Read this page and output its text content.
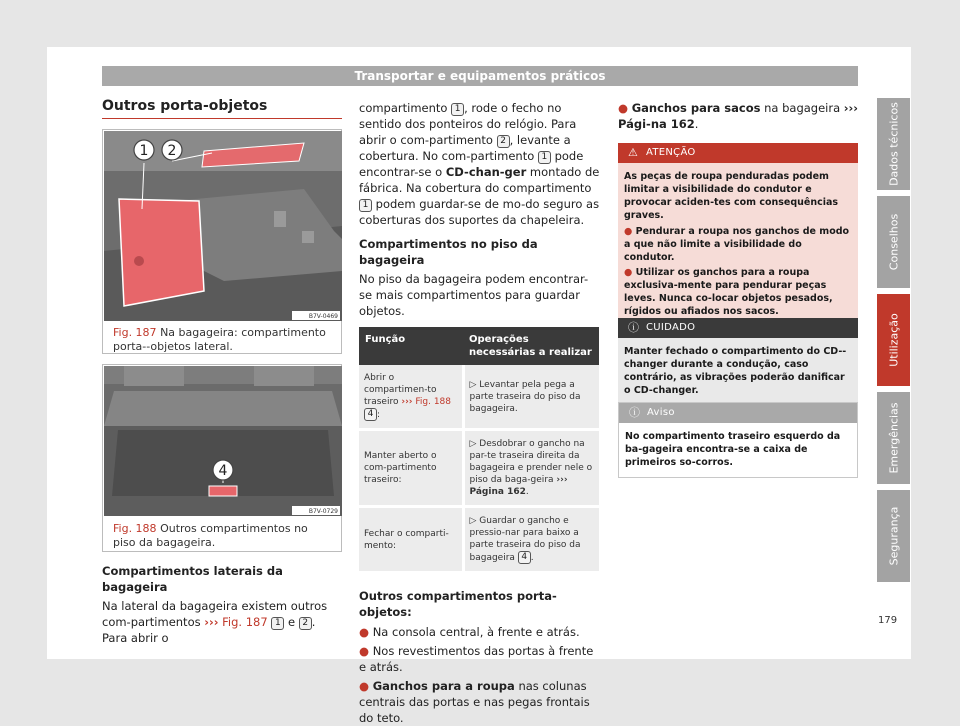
Transportar e equipamentos práticos
Outros porta-objetos
1 2
B7V-0469
Fig. 187 Na bagageira: compartimento porta--objetos lateral.
4
B7V-0729
Fig. 188 Outros compartimentos no piso da bagageira.
Compartimentos laterais da bagageira
Na lateral da bagageira existem outros com-partimentos ››› Fig. 187 1 e 2 . Para abrir o
compartimento 1 , rode o fecho no sentido dos ponteiros do relógio. Para abrir o com-partimento 2 , levante a cobertura. No com-partimento 1 pode encontrar-se o CD-chan-ger montado de fábrica. Na cobertura do compartimento 1 podem guardar-se de mo-do seguro as coberturas dos suportes da chapeleira.
Compartimentos no piso da bagageira
No piso da bagageira podem encontrar-se mais compartimentos para guardar objetos.
Função	Operações necessárias a realizar
Abrir o compartimen-to traseiro ››› Fig. 188 4 :	▷ Levantar pela pega a parte traseira do piso da bagageira.
Manter aberto o com-partimento traseiro:	▷ Desdobrar o gancho na par-te traseira direita da bagageira e prender nele o piso da baga-geira ››› Página 162.
Fechar o comparti-mento:	▷ Guardar o gancho e pressio-nar para baixo a parte traseira do piso da bagageira 4 .
Outros compartimentos porta-objetos:
● Na consola central, à frente e atrás.
● Nos revestimentos das portas à frente e atrás.
● Ganchos para a roupa nas colunas centrais das portas e nas pegas frontais do teto.
● Ganchos para sacos na bagageira ››› Pági-na 162.
⚠ ATENÇÃO
As peças de roupa penduradas podem limitar a visibilidade do condutor e provocar aciden-tes com consequências graves.
● Pendurar a roupa nos ganchos de modo a que não limite a visibilidade do condutor.
● Utilizar os ganchos para a roupa exclusiva-mente para pendurar peças leves. Nunca co-locar objetos pesados, rígidos ou afiados nos sacos.
ⓘ CUIDADO
Manter fechado o compartimento do CD--changer durante a condução, caso contrário, as vibrações poderão danificar o CD-changer.
ⓘ Aviso
No compartimento traseiro esquerdo da ba-gageira encontra-se a caixa de primeiros so-corros.
Dados técnicos
Conselhos
Utilização
Emergências
Segurança
179
